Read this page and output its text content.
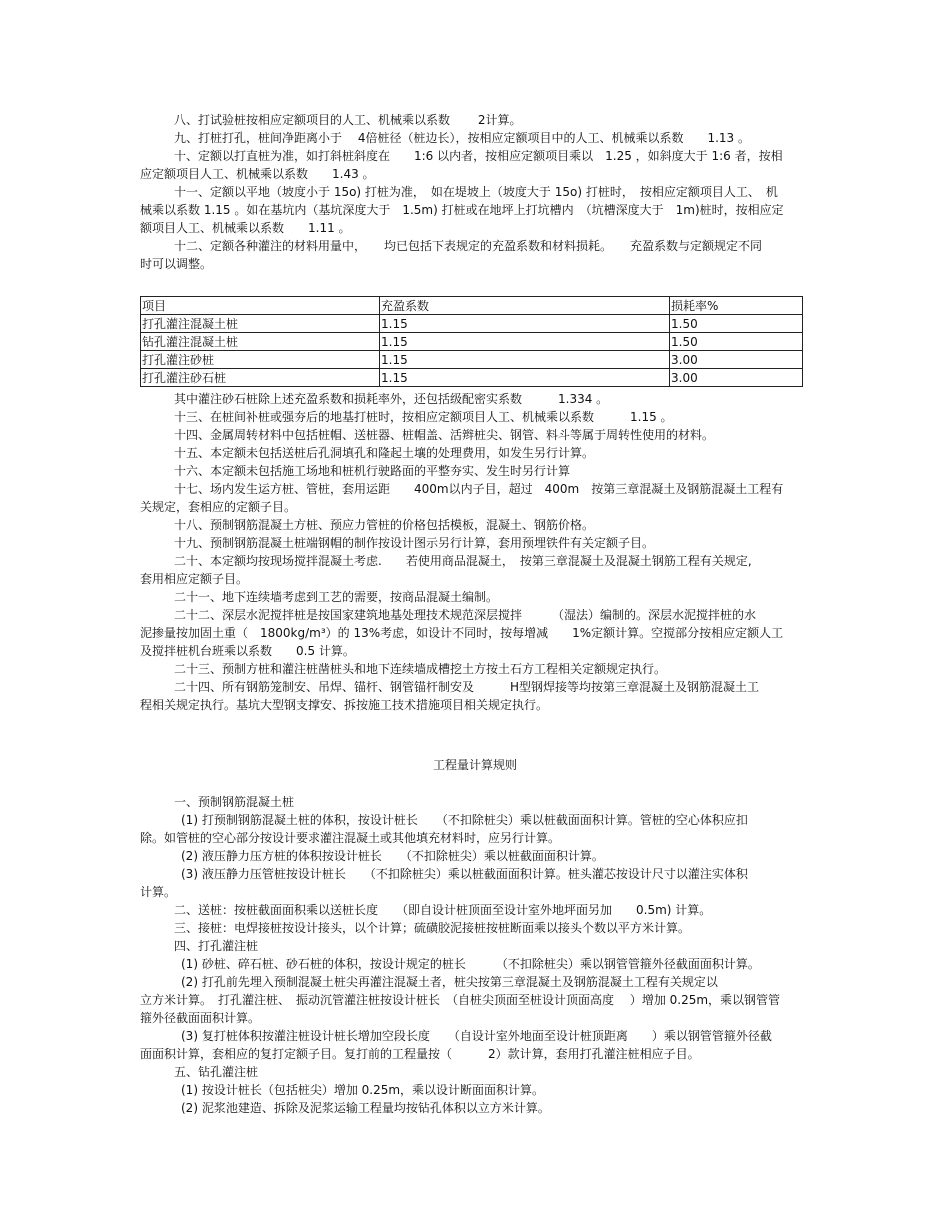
八、打试验桩按相应定额项目的人工、机械乘以系数　　 2计算。
九、打桩打孔，桩间净距离小于　 4倍桩径（桩边长），按相应定额项目中的人工、机械乘以系数　　1.13 。
十、定额以打直桩为准，如打斜桩斜度在　　1:6 以内者，按相应定额项目乘以　1.25 ，如斜度大于 1:6 者，按相
应定额项目人工、机械乘以系数　　1.43 。
十一、定额以平地（坡度小于 15o) 打桩为准，　如在堤坡上（坡度大于 15o) 打桩时，　按相应定额项目人工、　机
械乘以系数 1.15 。如在基坑内（基坑深度大于　1.5m) 打桩或在地坪上打坑槽内　（坑槽深度大于　1m)桩时，按相应定
额项目人工、机械乘以系数　　1.11 。
十二、定额各种灌注的材料用量中，　　均已包括下表规定的充盈系数和材料损耗。　　充盈系数与定额规定不同
时可以调整。
项目	充盈系数	损耗率%
打孔灌注混凝土桩	1.15	1.50
钻孔灌注混凝土桩	1.15	1.50
打孔灌注砂桩	1.15	3.00
打孔灌注砂石桩	1.15	3.00
其中灌注砂石桩除上述充盈系数和损耗率外，还包括级配密实系数　　　1.334 。
十三、在桩间补桩或强夯后的地基打桩时，按相应定额项目人工、机械乘以系数　　　1.15 。
十四、金属周转材料中包括桩帽、送桩器、桩帽盖、活辫桩尖、钢管、料斗等属于周转性使用的材料。
十五、本定额未包括送桩后孔洞填孔和隆起土壤的处理费用，如发生另行计算。
十六、本定额未包括施工场地和桩机行驶路面的平整夯实、发生时另行计算
十七、场内发生运方桩、管桩，套用运距　　400m以内子目，超过　400m　按第三章混凝土及钢筋混凝土工程有
关规定，套相应的定额子目。
十八、预制钢筋混凝土方桩、预应力管桩的价格包括模板，混凝土、钢筋价格。
十九、预制钢筋混凝土桩端钢帽的制作按设计图示另行计算，套用预埋铁件有关定额子目。
二十、本定额均按现场搅拌混凝土考虑.　　若使用商品混凝土，　按第三章混凝土及混凝土钢筋工程有关规定,
套用相应定额子目。
二十一、地下连续墙考虑到工艺的需要，按商品混凝土编制。
二十二、深层水泥搅拌桩是按国家建筑地基处理技术规范深层搅拌　　　（湿法）编制的。深层水泥搅拌桩的水
泥掺量按加固土重（　1800kg/m³）的 13%考虑，如设计不同时，按每增减　　1%定额计算。空搅部分按相应定额人工
及搅拌桩机台班乘以系数　　0.5 计算。
二十三、预制方桩和灌注桩凿桩头和地下连续墙成槽挖土方按土石方工程相关定额规定执行。
二十四、所有钢筋笼制安、吊焊、锚杆、钢管锚杆制安及　　　H型钢焊接等均按第三章混凝土及钢筋混凝土工
程相关规定执行。基坑大型钢支撑安、拆按施工技术措施项目相关规定执行。
工程量计算规则
一、预制钢筋混凝土桩
(1) 打预制钢筋混凝土桩的体积，按设计桩长　　（不扣除桩尖）乘以桩截面面积计算。管桩的空心体积应扣
除。如管桩的空心部分按设计要求灌注混凝土或其他填充材料时，应另行计算。
(2) 液压静力压方桩的体积按设计桩长　　（不扣除桩尖）乘以桩截面面积计算。
(3) 液压静力压管桩按设计桩长　　（不扣除桩尖）乘以桩截面面积计算。桩头灌芯按设计尺寸以灌注实体积
计算。
二、送桩：按桩截面面积乘以送桩长度　　（即自设计桩顶面至设计室外地坪面另加　　0.5m) 计算。
三、接桩：电焊接桩按设计接头，以个计算；硫磺胶泥接桩按桩断面乘以接头个数以平方米计算。
四、打孔灌注桩
(1) 砂桩、碎石桩、砂石桩的体积，按设计规定的桩长　　　（不扣除桩尖）乘以钢管管箍外径截面面积计算。
(2) 打孔前先埋入预制混凝土桩尖再灌注混凝土者，桩尖按第三章混凝土及钢筋混凝土工程有关规定以
立方米计算。　打孔灌注桩、　振动沉管灌注桩按设计桩长　（自桩尖顶面至桩设计顶面高度　 ）增加 0.25m，乘以钢管管
箍外径截面面积计算。
(3) 复打桩体积按灌注桩设计桩长增加空段长度　　（自设计室外地面至设计桩顶距离　　）乘以钢管管箍外径截
面面积计算，套相应的复打定额子目。复打前的工程量按（　　　2）款计算，套用打孔灌注桩相应子目。
五、钻孔灌注桩
(1) 按设计桩长（包括桩尖）增加 0.25m，乘以设计断面面积计算。
(2) 泥浆池建造、拆除及泥浆运输工程量均按钻孔体积以立方米计算。
